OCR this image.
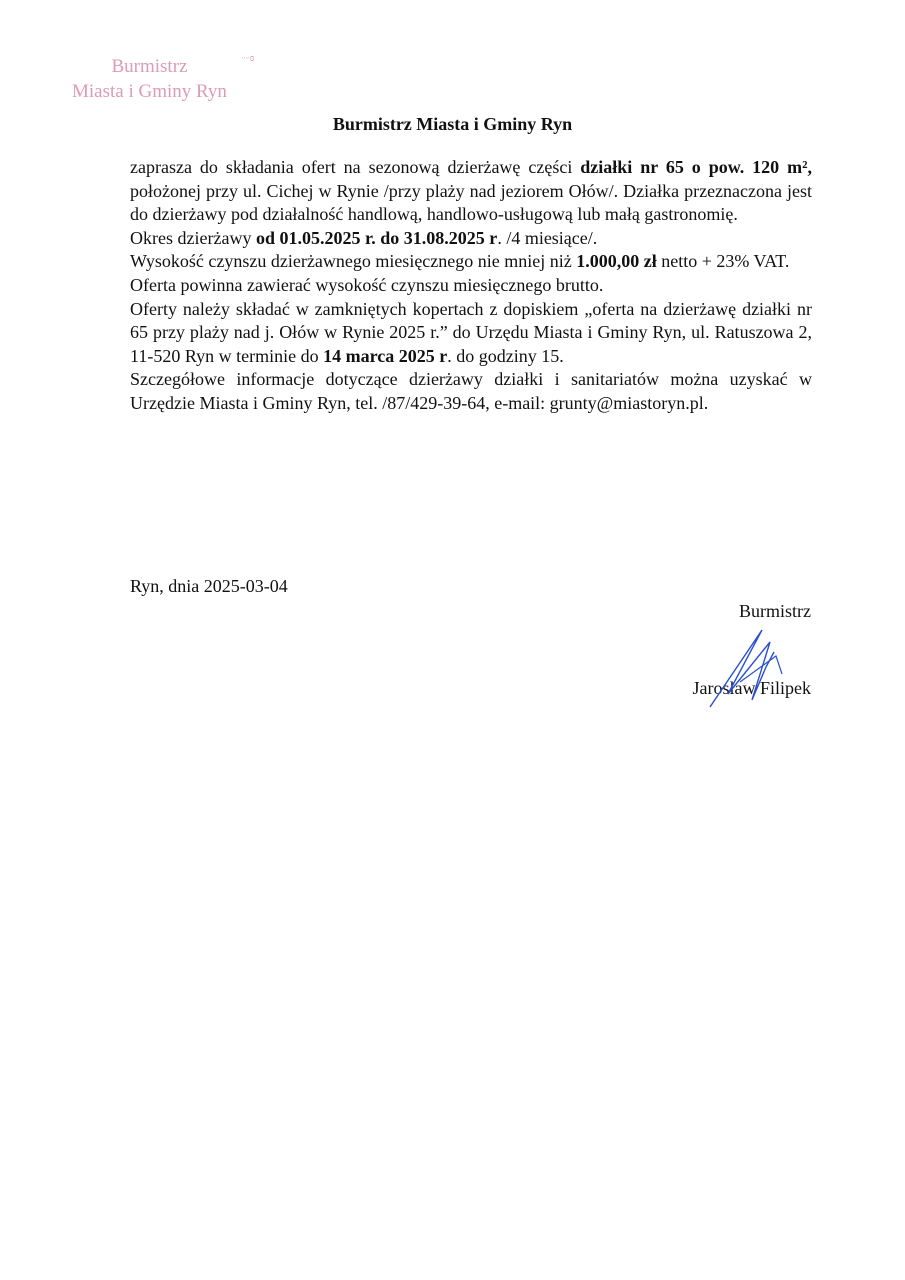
Burmistrz
Miasta i Gminy Ryn
ᵕᵕɞ
Burmistrz Miasta i Gminy Ryn

zaprasza do składania ofert na sezonową dzierżawę części działki nr 65 o pow. 120 m², położonej przy ul. Cichej w Rynie /przy plaży nad jeziorem Ołów/. Działka przeznaczona jest do dzierżawy pod działalność handlową, handlowo-usługową lub małą gastronomię.

Okres dzierżawy od 01.05.2025 r. do 31.08.2025 r. /4 miesiące/.

Wysokość czynszu dzierżawnego miesięcznego nie mniej niż 1.000,00 zł netto + 23% VAT.

Oferta powinna zawierać wysokość czynszu miesięcznego brutto.

Oferty należy składać w zamkniętych kopertach z dopiskiem „oferta na dzierżawę działki nr 65 przy plaży nad j. Ołów w Rynie 2025 r.” do Urzędu Miasta i Gminy Ryn, ul. Ratuszowa 2, 11-520 Ryn w terminie do 14 marca 2025 r. do godziny 15.

Szczegółowe informacje dotyczące dzierżawy działki i sanitariatów można uzyskać w Urzędzie Miasta i Gminy Ryn, tel. /87/429-39-64, e-mail: grunty@miastoryn.pl.

Ryn, dnia 2025-03-04
Burmistrz
Jarosław Filipek
